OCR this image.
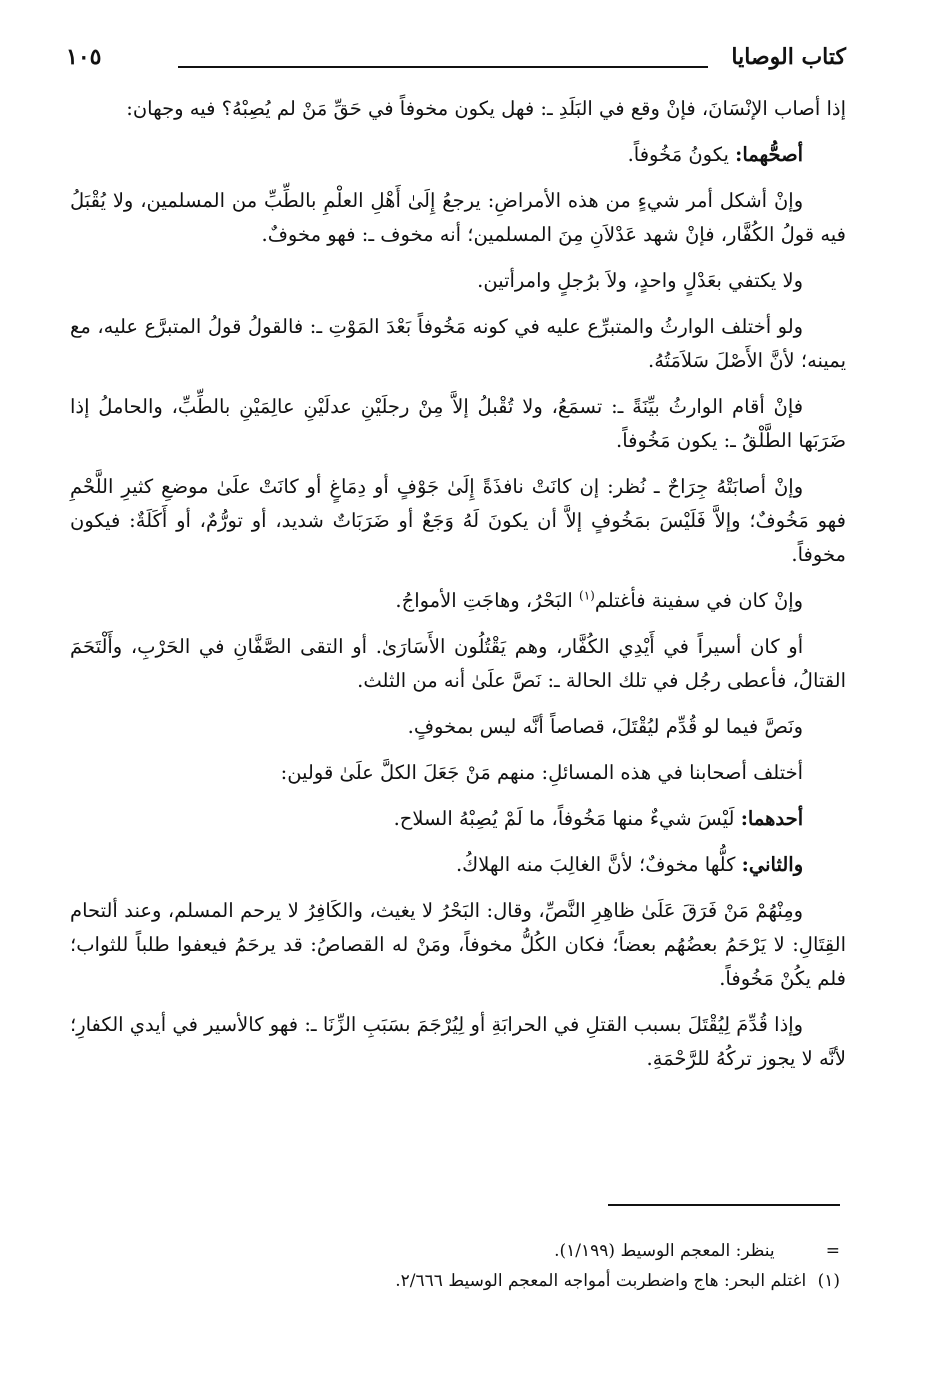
كتاب الوصايا
١٠٥

إذا أصاب الإنْسَانَ، فإنْ وقع في البَلَدِ ـ: فهل يكون مخوفاً في حَقِّ مَنْ لم يُصِبْهُ؟ فيه وجهان:

أصحُّهما: يكونُ مَخُوفاً.

وإنْ أشكل أمر شيءٍ من هذه الأمراضِ: يرجعُ إِلَىٰ أَهْلِ العلْمِ بالطِّبِّ من المسلمين، ولا يُقْبَلُ فيه قولُ الكُفَّار، فإنْ شهد عَدْلاَنِ مِنَ المسلمين؛ أنه مخوف ـ: فهو مخوفٌ.

ولا يكتفي بعَدْلٍ واحدٍ، ولاَ برُجلٍ وامرأتين.

ولو أختلف الوارثُ والمتبرِّع عليه في كونه مَخُوفاً بَعْدَ المَوْتِ ـ: فالقولُ قولُ المتبرَّع عليه، مع يمينه؛ لأنَّ الأَصْلَ سَلاَمَتُهُ.

فإنْ أقام الوارثُ بيِّنَةً ـ: تسمَعُ، ولا تُقْبلُ إلاَّ مِنْ رجلَيْنِ عدلَيْنِ عالِمَيْنِ بالطِّبِّ، والحاملُ إذا ضَرَبَها الطَّلْقُ ـ: يكون مَخُوفاً.

وإنْ أصابَتْهُ جِرَاحٌ ـ نُظر: إن كانَتْ نافذَةً إِلَىٰ جَوْفٍ أو دِمَاغٍ أو كانَتْ علَىٰ موضعِ كثيرِ اللَّحْمِ فهو مَخُوفٌ؛ وإلاَّ فَلَيْسَ بمَخُوفٍ إلاَّ أن يكونَ لَهُ وَجَعٌ أو ضَرَبَاتٌ شديد، أو تورُّمٌ، أو أَكَلَةٌ: فيكون مخوفاً.

وإنْ كان في سفينة فأغتلم$^{(١)}$ البَحْرُ، وهاجَتِ الأمواجُ.

أو كان أسيراً في أَيْدِي الكُفَّار، وهم يَقْتُلُون الأَسَارَىٰ. أو التقى الصَّفَّانِ في الحَرْبِ، وأَلْتَحَمَ القتالُ، فأعطى رجُل في تلك الحالة ـ: نَصَّ علَىٰ أنه من الثلث.

ونَصَّ فيما لو قُدِّم ليُقْتَلَ، قصاصاً أنَّه ليس بمخوفٍ.

أختلف أصحابنا في هذه المسائلِ: منهم مَنْ جَعَلَ الكلَّ علَىٰ قولين:

أحدهما: لَيْسَ شيءٌ منها مَخُوفاً، ما لَمْ يُصِبْهُ السلاح.

والثاني: كلُّها مخوفٌ؛ لأنَّ الغالِبَ منه الهلاكُ.

ومِنْهُمْ مَنْ فَرَقَ عَلَىٰ ظاهِرِ النَّصِّ، وقال: البَحْرُ لا يغيث، والكَافِرُ لا يرحم المسلم، وعند ألتحام القِتَالِ: لا يَرْحَمُ بعضُهُم بعضاً؛ فكان الكُلُّ مخوفاً، ومَنْ له القصاصُ: قد يرحَمُ فيعفوا طلباً للثواب؛ فلم يكُنْ مَخُوفاً.

وإذا قُدِّمَ لِيُقْتَلَ بسبب القتلِ في الحرابَةِ أو لِيُرْجَمَ بسَبَبِ الزِّنَا ـ: فهو كالأسير في أيدي الكفارِ؛ لأنَّه لا يجوز تركُهُ للرَّحْمَةِ.

= ينظر: المعجم الوسيط (١/١٩٩).

(١) اغتلم البحر: هاج واضطربت أمواجه المعجم الوسيط ٢/٦٦٦.
